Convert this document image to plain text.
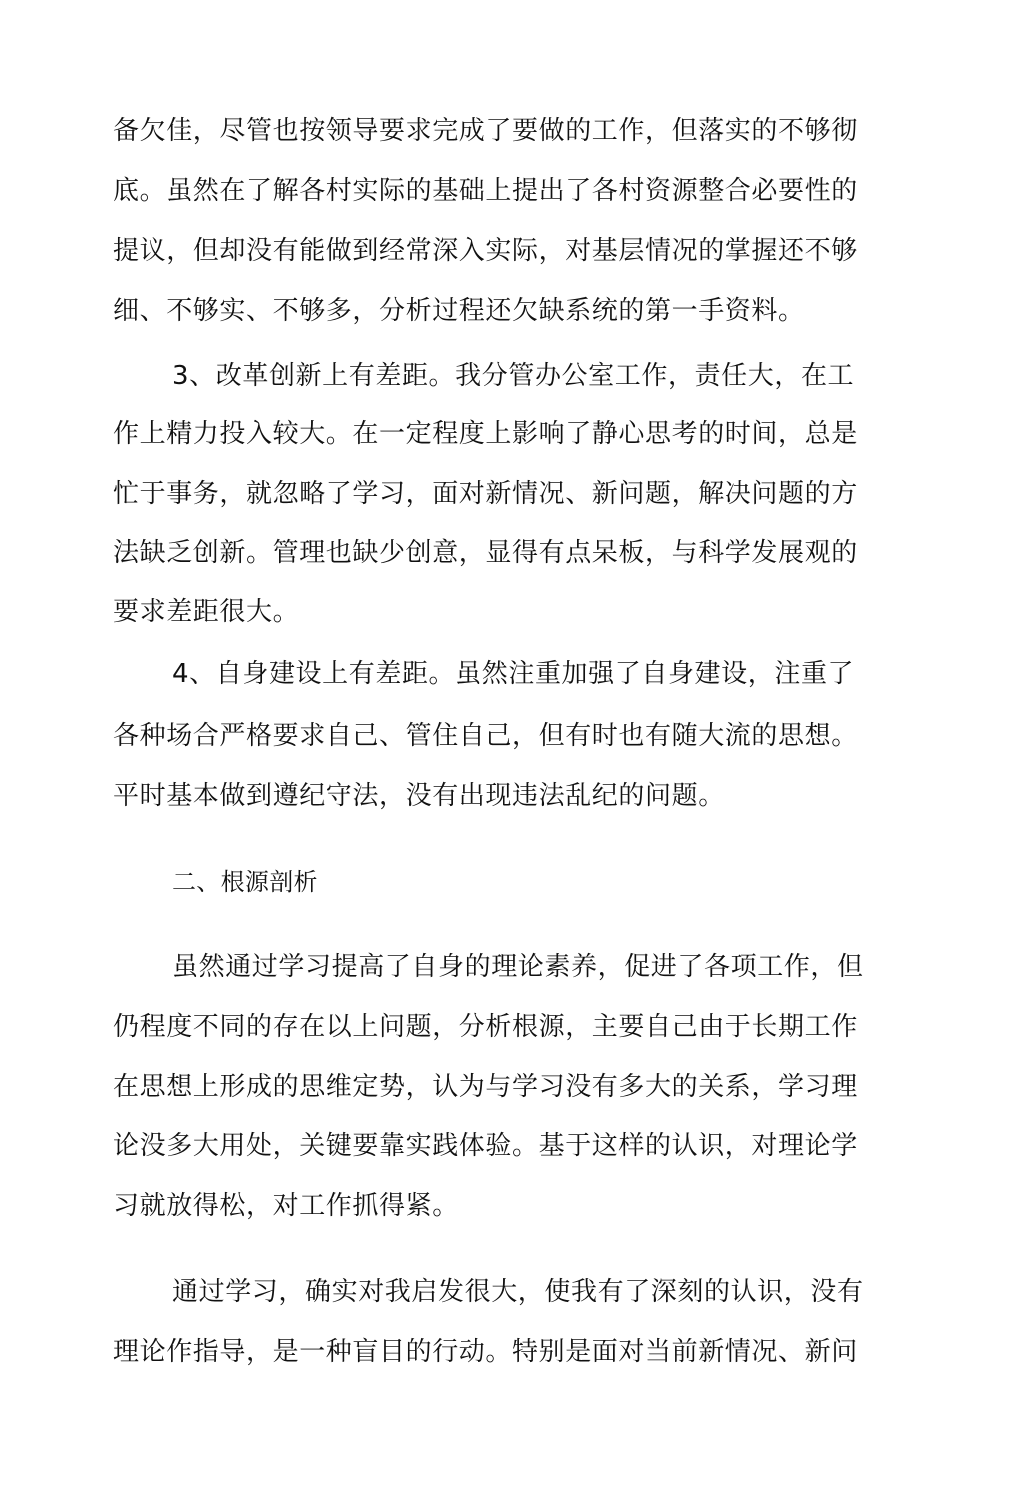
备欠佳，尽管也按领导要求完成了要做的工作，但落实的不够彻
底。虽然在了解各村实际的基础上提出了各村资源整合必要性的
提议，但却没有能做到经常深入实际，对基层情况的掌握还不够
细、不够实、不够多，分析过程还欠缺系统的第一手资料。
3、改革创新上有差距。我分管办公室工作，责任大，在工
作上精力投入较大。在一定程度上影响了静心思考的时间，总是
忙于事务，就忽略了学习，面对新情况、新问题，解决问题的方
法缺乏创新。管理也缺少创意，显得有点呆板，与科学发展观的
要求差距很大。
4、自身建设上有差距。虽然注重加强了自身建设，注重了
各种场合严格要求自己、管住自己，但有时也有随大流的思想。
平时基本做到遵纪守法，没有出现违法乱纪的问题。
二、根源剖析
虽然通过学习提高了自身的理论素养，促进了各项工作，但
仍程度不同的存在以上问题，分析根源，主要自己由于长期工作
在思想上形成的思维定势，认为与学习没有多大的关系，学习理
论没多大用处，关键要靠实践体验。基于这样的认识，对理论学
习就放得松，对工作抓得紧。
通过学习，确实对我启发很大，使我有了深刻的认识，没有
理论作指导，是一种盲目的行动。特别是面对当前新情况、新问
